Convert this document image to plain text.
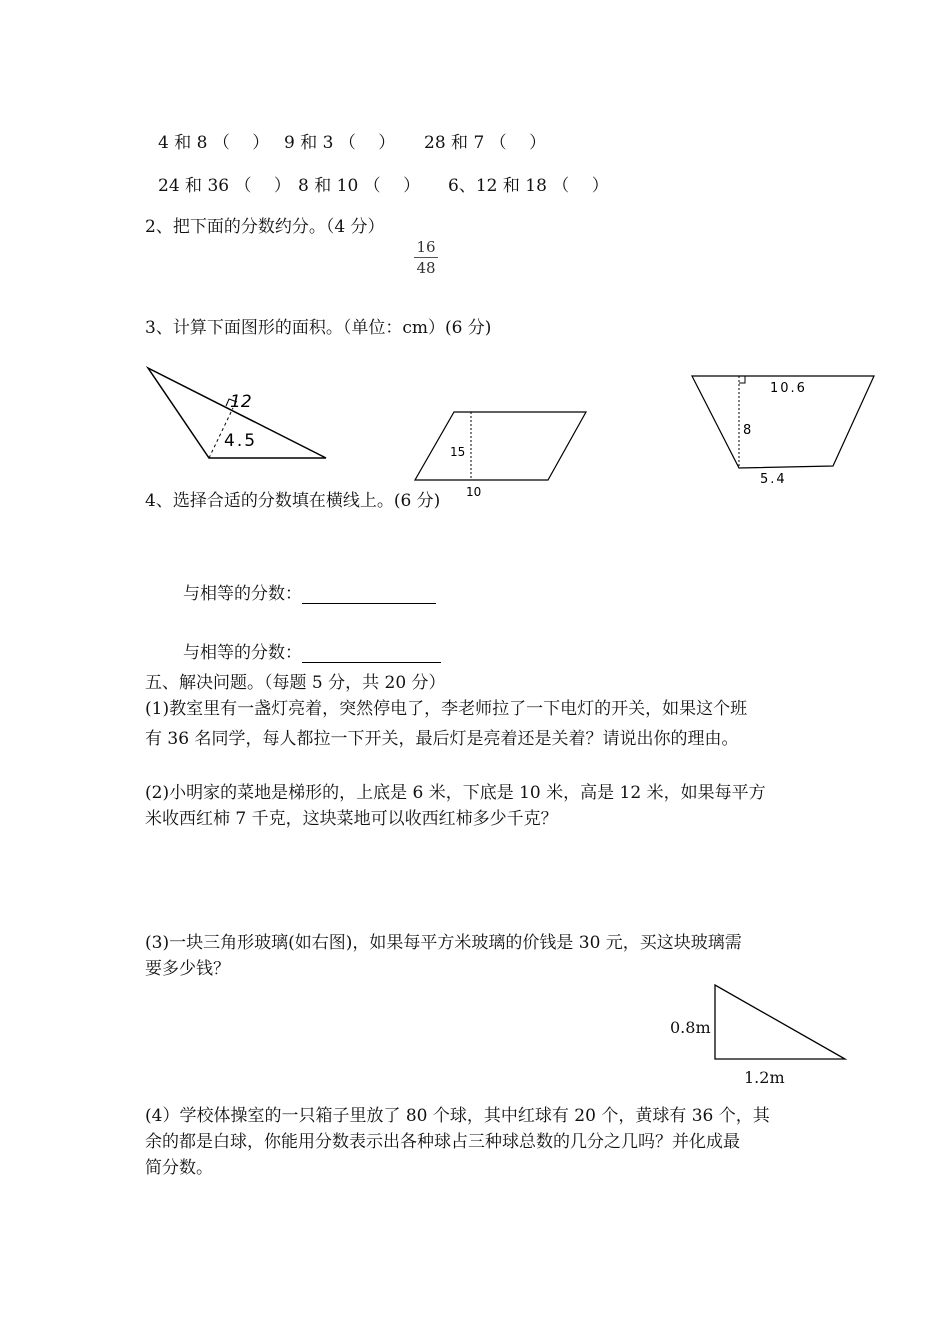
4 和 8 （　 ） 9 和 3 （　 ） 28 和 7 （　 ）
24 和 36 （　 ） 8 和 10 （　 ） 6、12 和 18 （　 ）
2、把下面的分数约分。（4 分）
16
48
3、计算下面图形的面积。（单位：cm）(6 分)
12
4.5
15
10
10.6
8
5.4
4、选择合适的分数填在横线上。(6 分)
与相等的分数：
与相等的分数：
五、解决问题。（每题 5 分，共 20 分）
(1)教室里有一盏灯亮着，突然停电了，李老师拉了一下电灯的开关，如果这个班
有 36 名同学，每人都拉一下开关，最后灯是亮着还是关着？请说出你的理由。
(2)小明家的菜地是梯形的，上底是 6 米，下底是 10 米，高是 12 米，如果每平方
米收西红柿 7 千克，这块菜地可以收西红柿多少千克？
(3)一块三角形玻璃(如右图)，如果每平方米玻璃的价钱是 30 元，买这块玻璃需
要多少钱？
0.8m
1.2m
(4）学校体操室的一只箱子里放了 80 个球，其中红球有 20 个，黄球有 36 个，其
余的都是白球，你能用分数表示出各种球占三种球总数的几分之几吗？并化成最
简分数。
